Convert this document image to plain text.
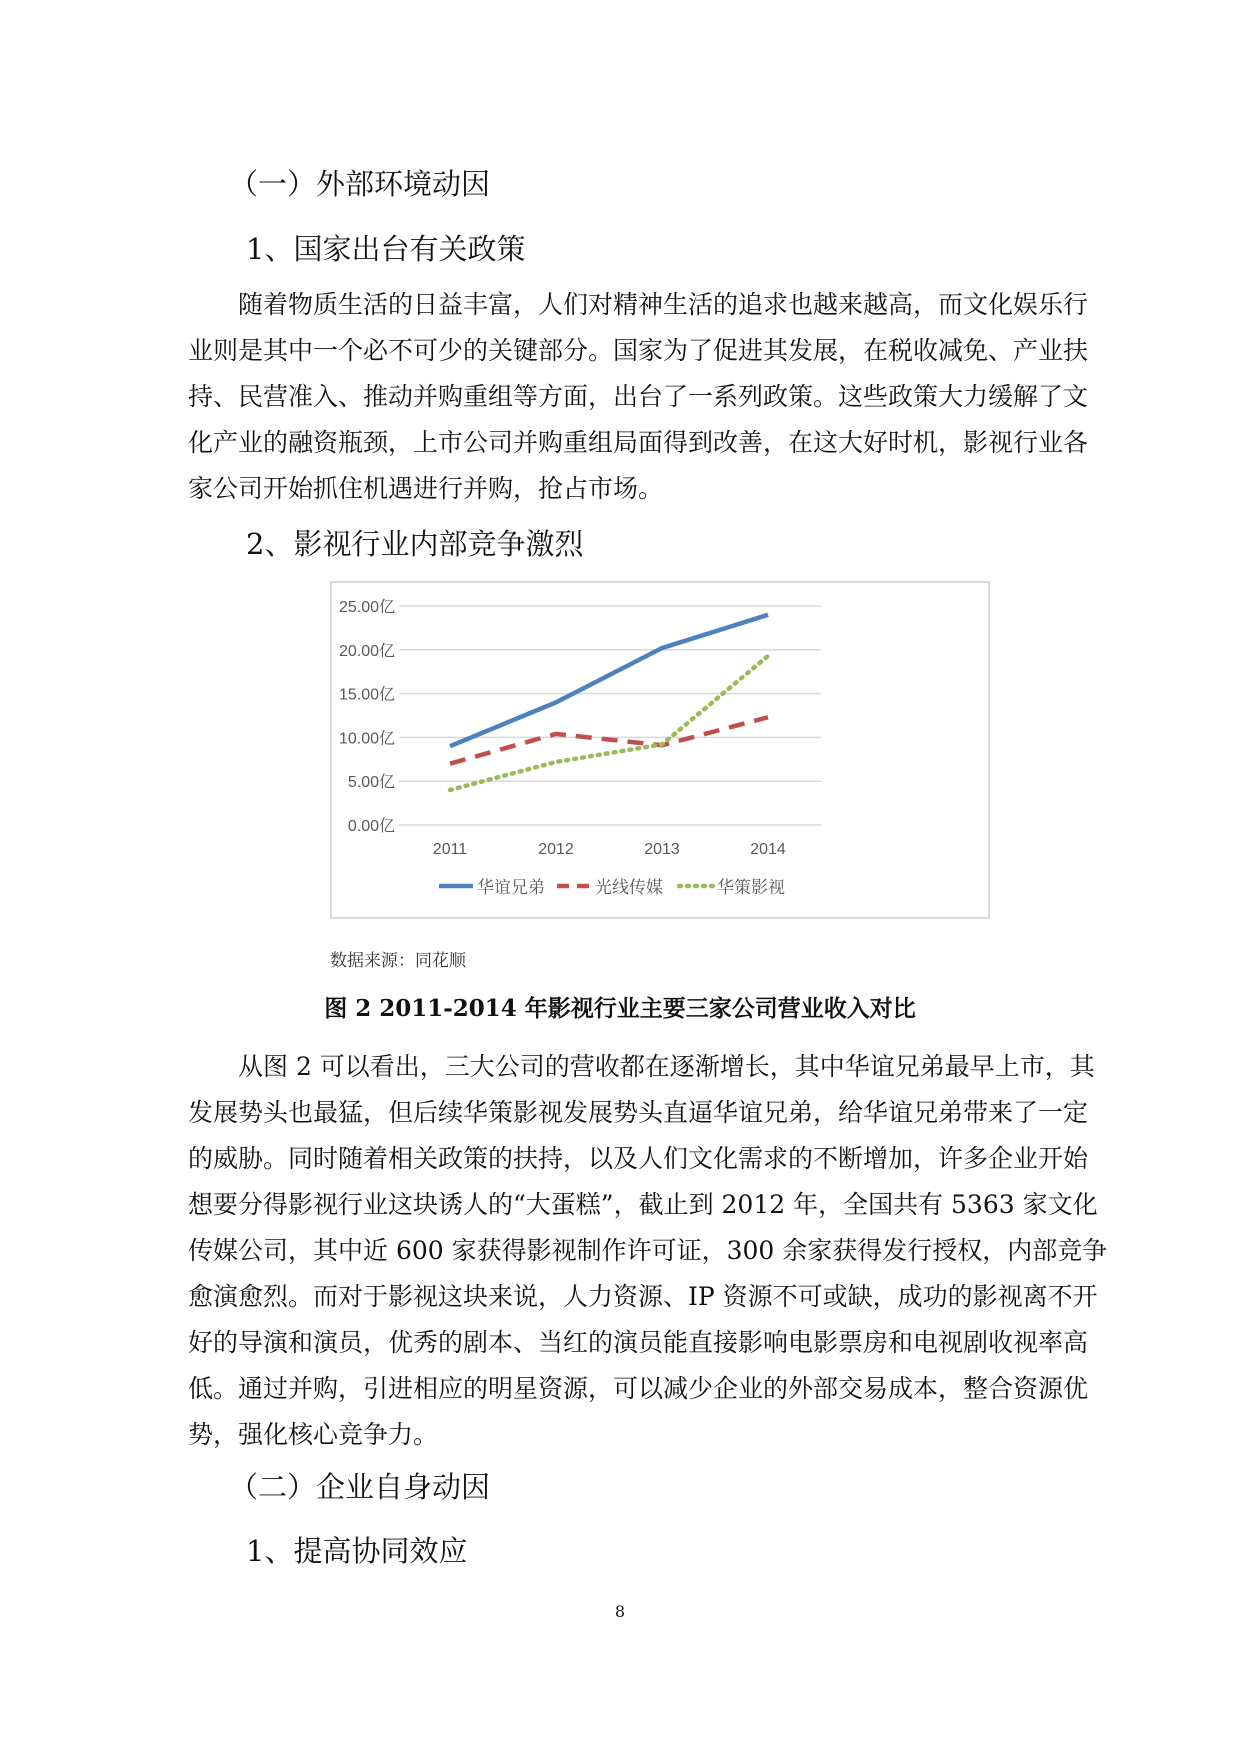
（一）外部环境动因
1、国家出台有关政策
随着物质生活的日益丰富，人们对精神生活的追求也越来越高，而文化娱乐行
业则是其中一个必不可少的关键部分。国家为了促进其发展，在税收减免、产业扶
持、民营准入、推动并购重组等方面，出台了一系列政策。这些政策大力缓解了文
化产业的融资瓶颈，上市公司并购重组局面得到改善，在这大好时机，影视行业各
家公司开始抓住机遇进行并购，抢占市场。
2、影视行业内部竞争激烈
0.00亿
5.00亿
10.00亿
15.00亿
20.00亿
25.00亿
2011	2012	2013	2014
华谊兄弟	光线传媒	华策影视
数据来源：同花顺
图 2 2011-2014 年影视行业主要三家公司营业收入对比
从图 2 可以看出，三大公司的营收都在逐渐增长，其中华谊兄弟最早上市，其
发展势头也最猛，但后续华策影视发展势头直逼华谊兄弟，给华谊兄弟带来了一定
的威胁。同时随着相关政策的扶持，以及人们文化需求的不断增加，许多企业开始
想要分得影视行业这块诱人的“大蛋糕”，截止到 2012 年，全国共有 5363 家文化
传媒公司，其中近 600 家获得影视制作许可证，300 余家获得发行授权，内部竞争
愈演愈烈。而对于影视这块来说，人力资源、IP 资源不可或缺，成功的影视离不开
好的导演和演员，优秀的剧本、当红的演员能直接影响电影票房和电视剧收视率高
低。通过并购，引进相应的明星资源，可以减少企业的外部交易成本，整合资源优
势，强化核心竞争力。
（二）企业自身动因
1、提高协同效应
8
